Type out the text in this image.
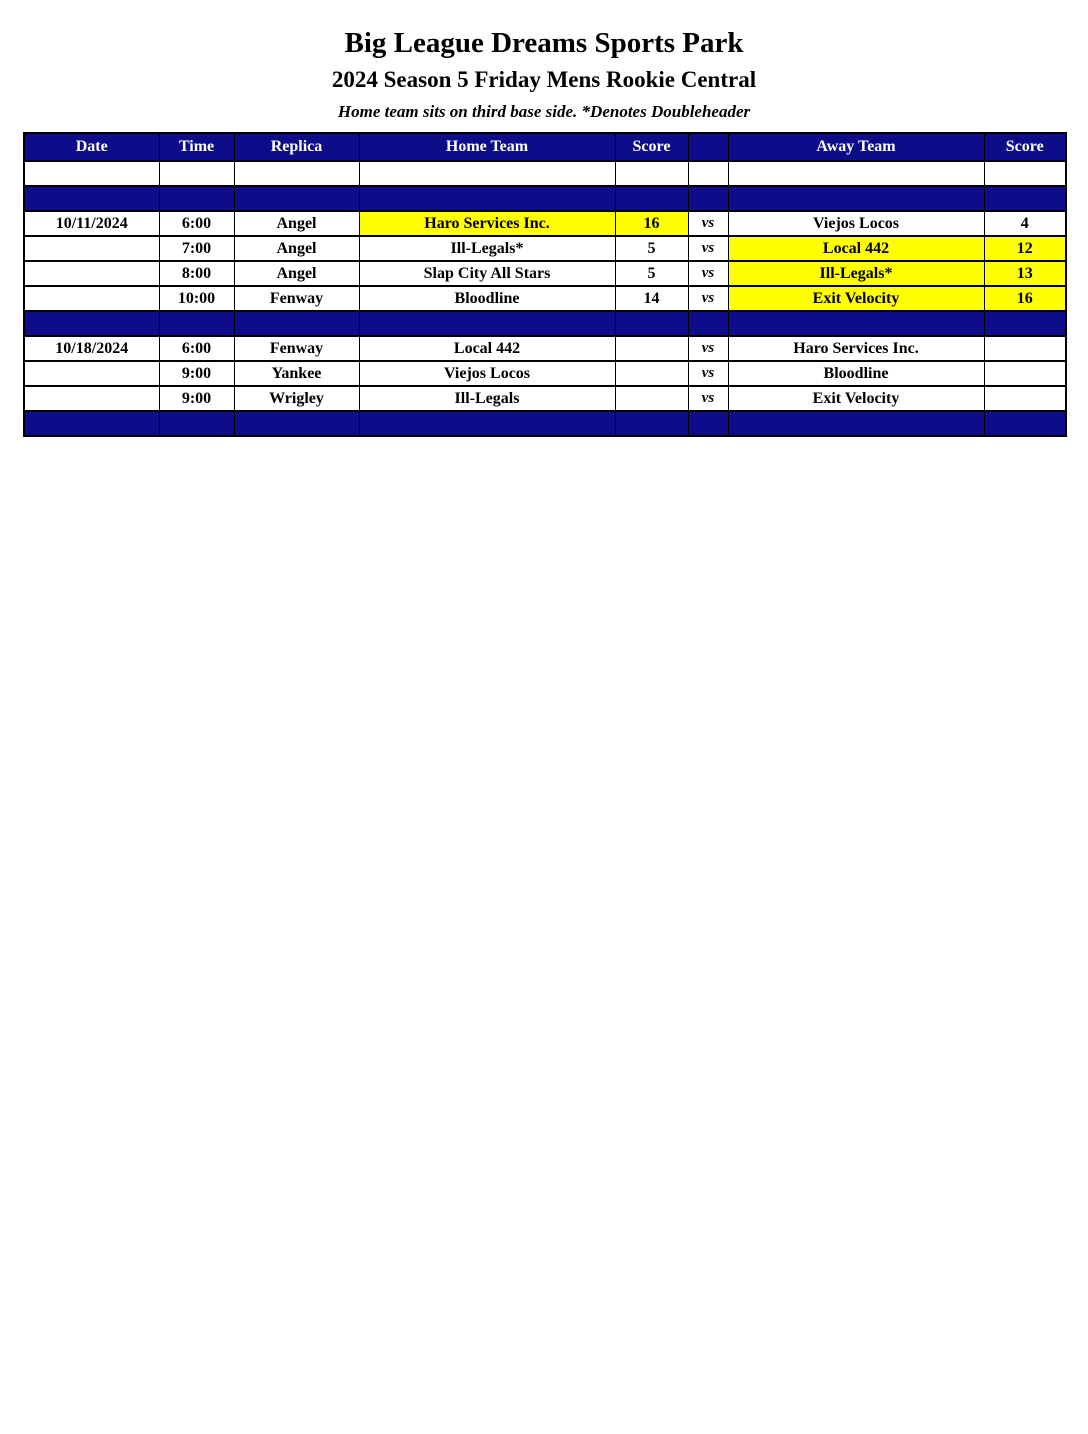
Big League Dreams Sports Park
2024 Season 5 Friday Mens Rookie Central

Home team sits on third base side. *Denotes Doubleheader

Date	Time	Replica	Home Team	Score		Away Team	Score

10/11/2024	6:00	Angel	Haro Services Inc.	16	vs	Viejos Locos	4
	7:00	Angel	Ill-Legals*	5	vs	Local 442	12
	8:00	Angel	Slap City All Stars	5	vs	Ill-Legals*	13
	10:00	Fenway	Bloodline	14	vs	Exit Velocity	16

10/18/2024	6:00	Fenway	Local 442		vs	Haro Services Inc.	
	9:00	Yankee	Viejos Locos		vs	Bloodline	
	9:00	Wrigley	Ill-Legals		vs	Exit Velocity	
